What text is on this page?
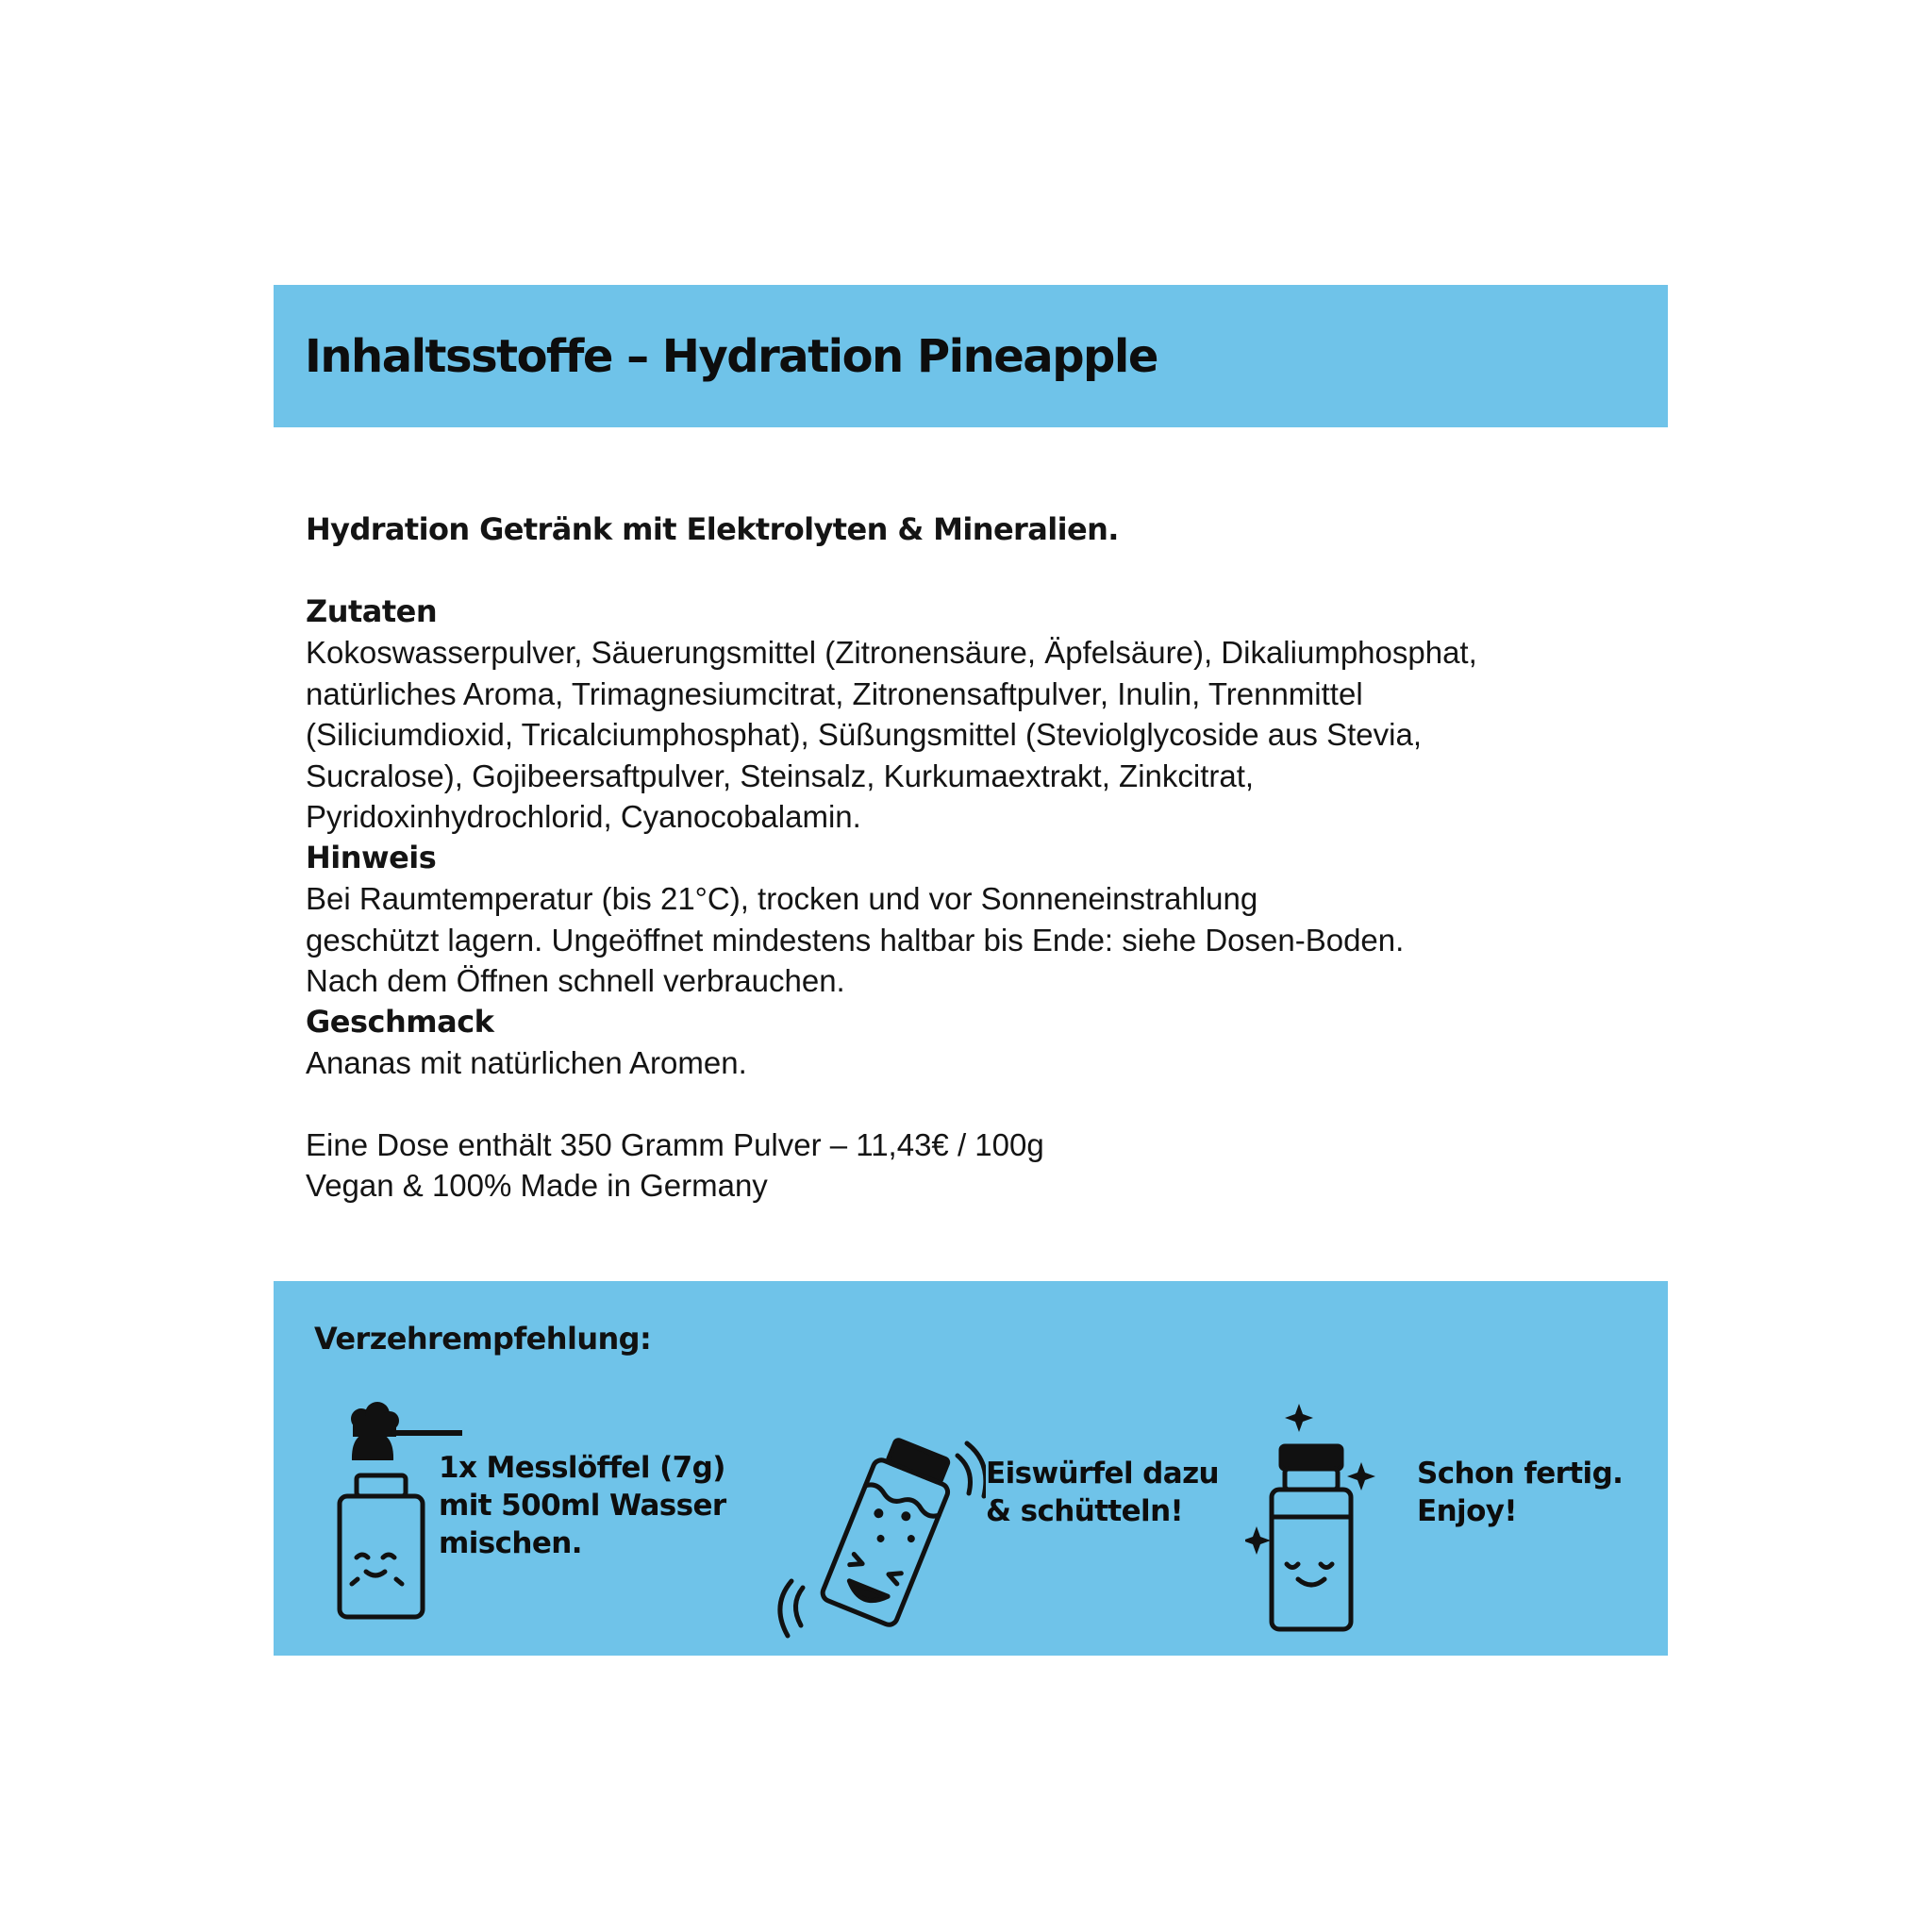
Inhaltsstoffe – Hydration Pineapple

Hydration Getränk mit Elektrolyten & Mineralien.

Zutaten

Kokoswasserpulver, Säuerungsmittel (Zitronensäure, Äpfelsäure), Dikaliumphosphat,

natürliches Aroma, Trimagnesiumcitrat, Zitronensaftpulver, Inulin, Trennmittel

(Siliciumdioxid, Tricalciumphosphat), Süßungsmittel (Steviolglycoside aus Stevia,

Sucralose), Gojibeersaftpulver, Steinsalz, Kurkumaextrakt, Zinkcitrat,

Pyridoxinhydrochlorid, Cyanocobalamin.

Hinweis

Bei Raumtemperatur (bis 21°C), trocken und vor Sonneneinstrahlung

geschützt lagern. Ungeöffnet mindestens haltbar bis Ende: siehe Dosen-Boden.

Nach dem Öffnen schnell verbrauchen.

Geschmack

Ananas mit natürlichen Aromen.

Eine Dose enthält 350 Gramm Pulver – 11,43€ / 100g

Vegan & 100% Made in Germany

Verzehrempfehlung:

1x Messlöffel (7g)
mit 500ml Wasser
mischen.

Eiswürfel dazu
& schütteln!

Schon fertig.
Enjoy!
